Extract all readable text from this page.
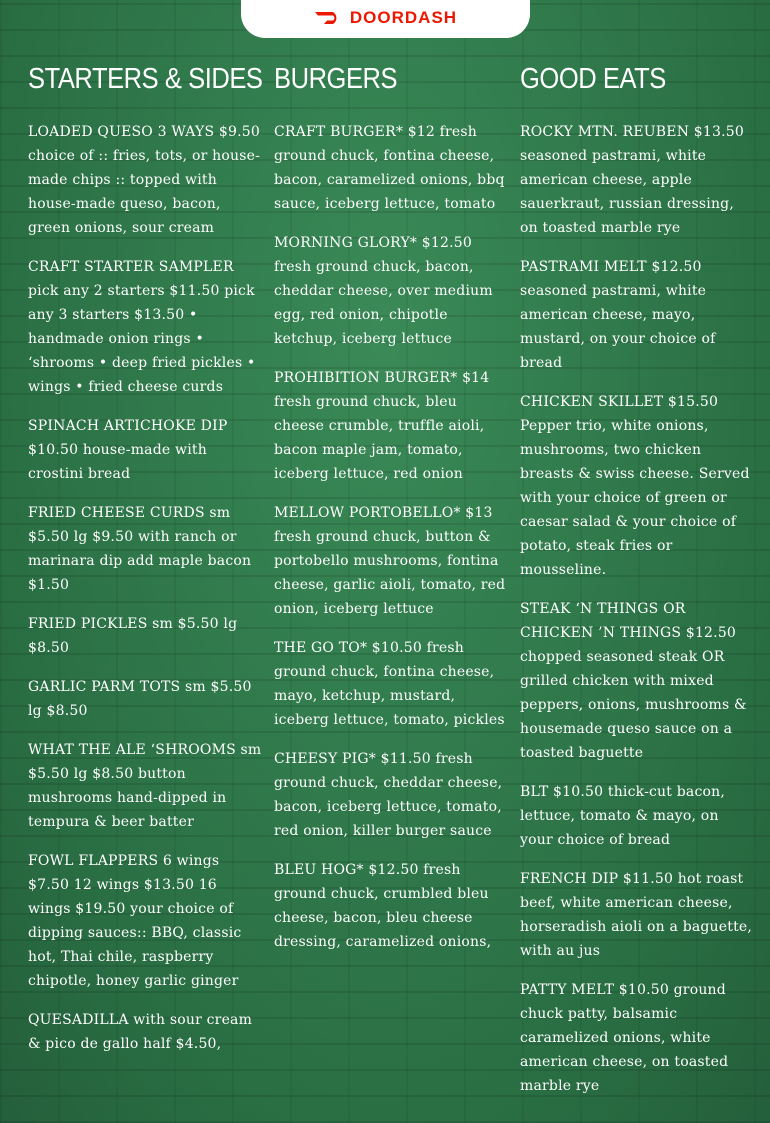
DOORDASH
STARTERS & SIDES

LOADED QUESO 3 WAYS $9.50 choice of :: fries, tots, or house-made chips :: topped with house-made queso, bacon, green onions, sour cream

CRAFT STARTER SAMPLER pick any 2 starters $11.50 pick any 3 starters $13.50 • handmade onion rings • ‘shrooms • deep fried pickles • wings • fried cheese curds

SPINACH ARTICHOKE DIP $10.50 house-made with crostini bread

FRIED CHEESE CURDS sm $5.50 lg $9.50 with ranch or marinara dip add maple bacon $1.50

FRIED PICKLES sm $5.50 lg $8.50

GARLIC PARM TOTS sm $5.50 lg $8.50

WHAT THE ALE ‘SHROOMS sm $5.50 lg $8.50 button mushrooms hand-dipped in tempura & beer batter

FOWL FLAPPERS 6 wings $7.50 12 wings $13.50 16 wings $19.50 your choice of dipping sauces:: BBQ, classic hot, Thai chile, raspberry chipotle, honey garlic ginger

QUESADILLA with sour cream & pico de gallo half $4.50,

BURGERS

CRAFT BURGER* $12 fresh ground chuck, fontina cheese, bacon, caramelized onions, bbq sauce, iceberg lettuce, tomato

MORNING GLORY* $12.50 fresh ground chuck, bacon, cheddar cheese, over medium egg, red onion, chipotle ketchup, iceberg lettuce

PROHIBITION BURGER* $14 fresh ground chuck, bleu cheese crumble, truffle aioli, bacon maple jam, tomato, iceberg lettuce, red onion

MELLOW PORTOBELLO* $13 fresh ground chuck, button & portobello mushrooms, fontina cheese, garlic aioli, tomato, red onion, iceberg lettuce

THE GO TO* $10.50 fresh ground chuck, fontina cheese, mayo, ketchup, mustard, iceberg lettuce, tomato, pickles

CHEESY PIG* $11.50 fresh ground chuck, cheddar cheese, bacon, iceberg lettuce, tomato, red onion, killer burger sauce

BLEU HOG* $12.50 fresh ground chuck, crumbled bleu cheese, bacon, bleu cheese dressing, caramelized onions,

GOOD EATS

ROCKY MTN. REUBEN $13.50 seasoned pastrami, white american cheese, apple sauerkraut, russian dressing, on toasted marble rye

PASTRAMI MELT $12.50 seasoned pastrami, white american cheese, mayo, mustard, on your choice of bread

CHICKEN SKILLET $15.50 Pepper trio, white onions, mushrooms, two chicken breasts & swiss cheese. Served with your choice of green or caesar salad & your choice of potato, steak fries or mousseline.

STEAK ‘N THINGS OR CHICKEN ’N THINGS $12.50 chopped seasoned steak OR grilled chicken with mixed peppers, onions, mushrooms & housemade queso sauce on a toasted baguette

BLT $10.50 thick-cut bacon, lettuce, tomato & mayo, on your choice of bread

FRENCH DIP $11.50 hot roast beef, white american cheese, horseradish aioli on a baguette, with au jus

PATTY MELT $10.50 ground chuck patty, balsamic caramelized onions, white american cheese, on toasted marble rye
